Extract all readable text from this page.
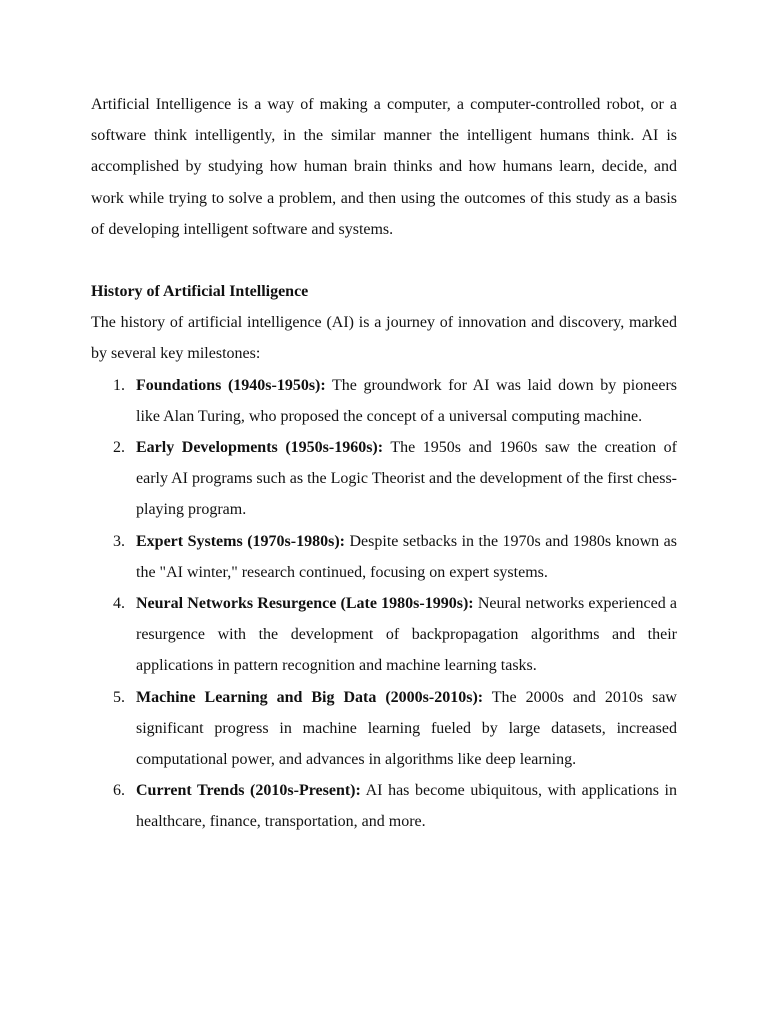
Artificial Intelligence is a way of making a computer, a computer-controlled robot, or a software think intelligently, in the similar manner the intelligent humans think. AI is accomplished by studying how human brain thinks and how humans learn, decide, and work while trying to solve a problem, and then using the outcomes of this study as a basis of developing intelligent software and systems.

History of Artificial Intelligence

The history of artificial intelligence (AI) is a journey of innovation and discovery, marked by several key milestones:

1. Foundations (1940s-1950s): The groundwork for AI was laid down by pioneers like Alan Turing, who proposed the concept of a universal computing machine.
2. Early Developments (1950s-1960s): The 1950s and 1960s saw the creation of early AI programs such as the Logic Theorist and the development of the first chess-playing program.
3. Expert Systems (1970s-1980s): Despite setbacks in the 1970s and 1980s known as the "AI winter," research continued, focusing on expert systems.
4. Neural Networks Resurgence (Late 1980s-1990s): Neural networks experienced a resurgence with the development of backpropagation algorithms and their applications in pattern recognition and machine learning tasks.
5. Machine Learning and Big Data (2000s-2010s): The 2000s and 2010s saw significant progress in machine learning fueled by large datasets, increased computational power, and advances in algorithms like deep learning.
6. Current Trends (2010s-Present): AI has become ubiquitous, with applications in healthcare, finance, transportation, and more.
